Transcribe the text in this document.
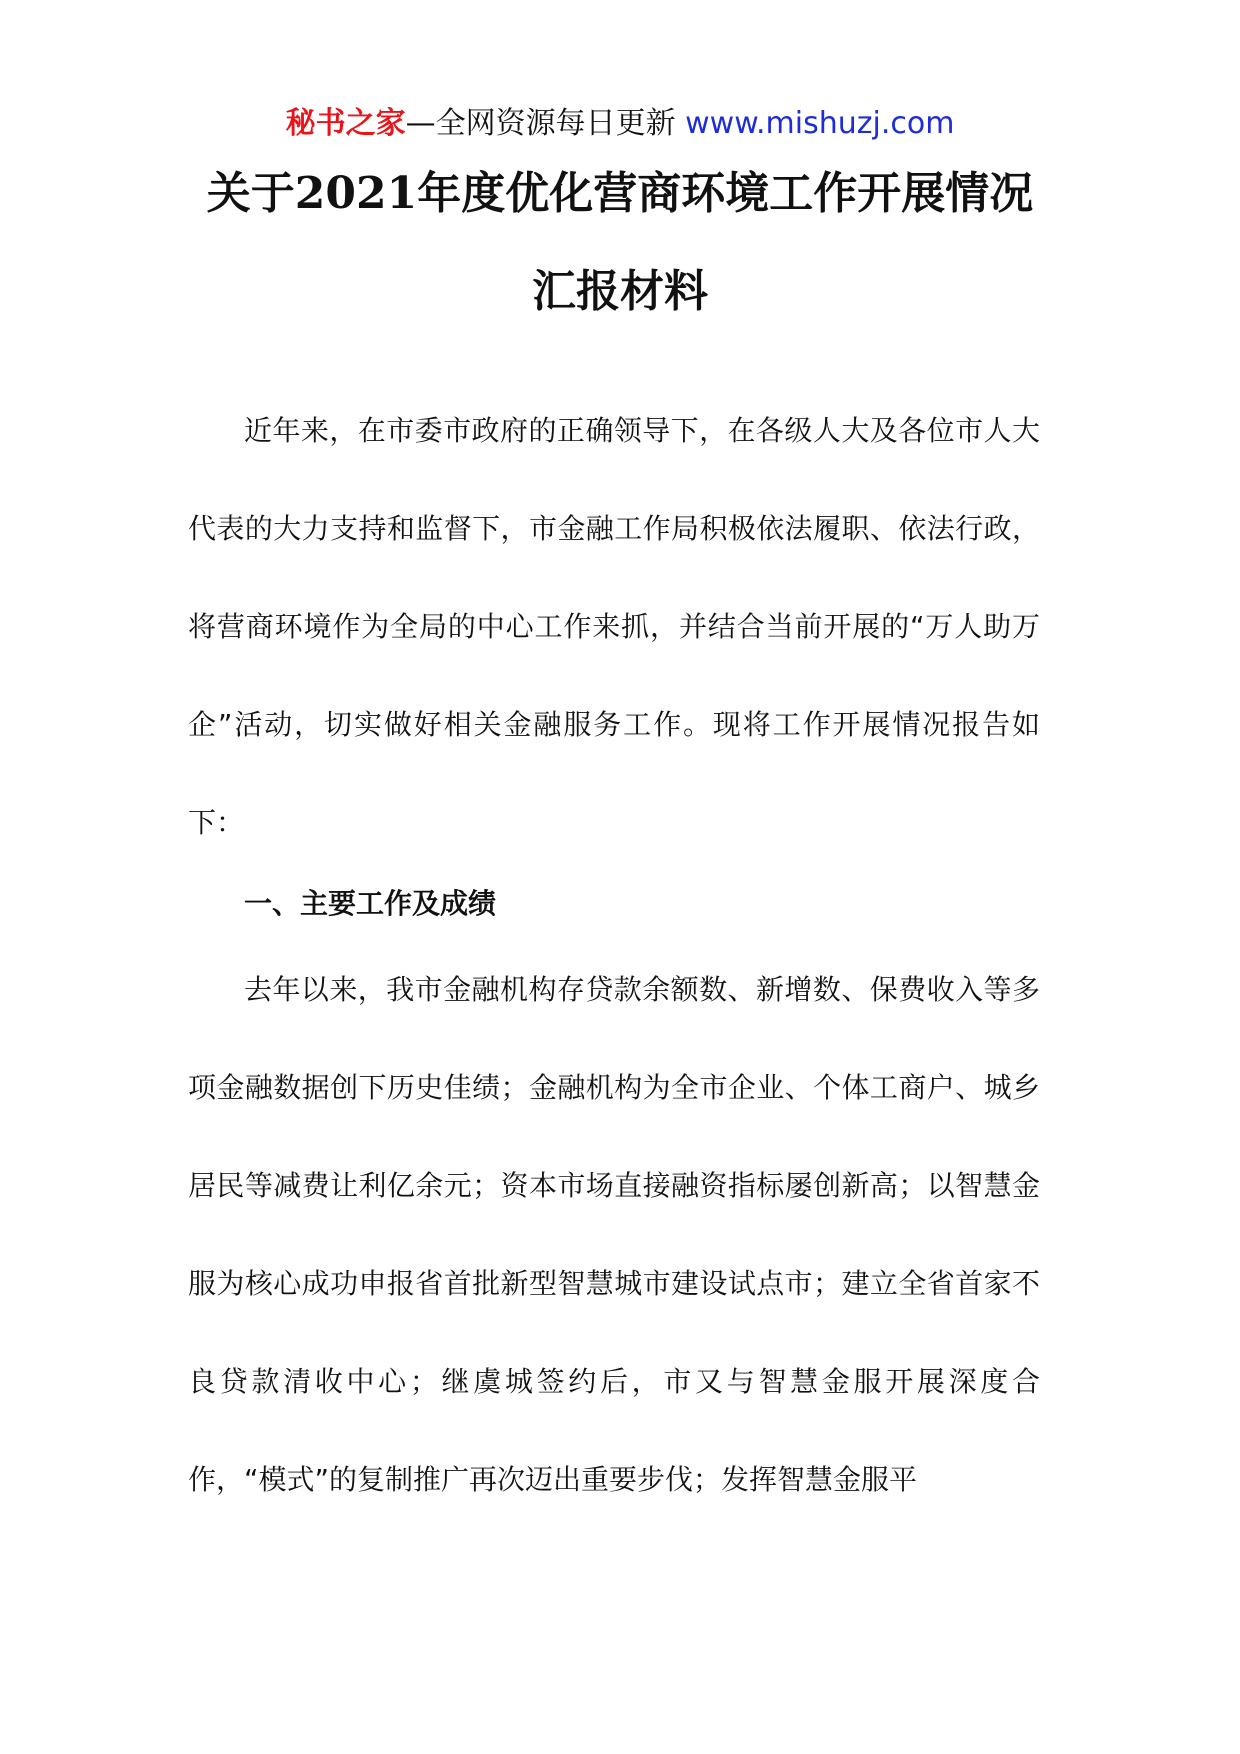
秘书之家—全网资源每日更新 www.mishuzj.com
关于2021年度优化营商环境工作开展情况
汇报材料
近年来，在市委市政府的正确领导下，在各级人大及各位市人大代表的大力支持和监督下，市金融工作局积极依法履职、依法行政，将营商环境作为全局的中心工作来抓，并结合当前开展的“万人助万企”活动，切实做好相关金融服务工作。现将工作开展情况报告如下：
一、主要工作及成绩
去年以来，我市金融机构存贷款余额数、新增数、保费收入等多项金融数据创下历史佳绩；金融机构为全市企业、个体工商户、城乡居民等减费让利亿余元；资本市场直接融资指标屡创新高；以智慧金服为核心成功申报省首批新型智慧城市建设试点市；建立全省首家不良贷款清收中心；继虞城签约后，市又与智慧金服开展深度合作，“模式”的复制推广再次迈出重要步伐；发挥智慧金服平
